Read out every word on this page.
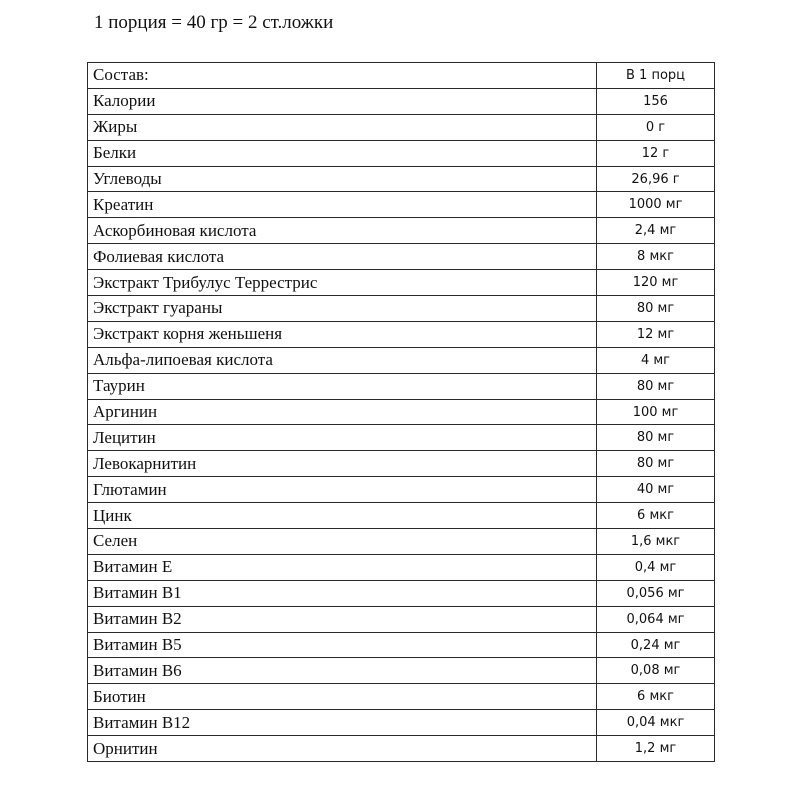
1 порция = 40 гр = 2 ст.ложки
Состав:	В 1 порц
Калории	156
Жиры	0 г
Белки	12 г
Углеводы	26,96 г
Креатин	1000 мг
Аскорбиновая кислота	2,4 мг
Фолиевая кислота	8 мкг
Экстракт Трибулус Террестрис	120 мг
Экстракт гуараны	80 мг
Экстракт корня женьшеня	12 мг
Альфа-липоевая кислота	4 мг
Таурин	80 мг
Аргинин	100 мг
Лецитин	80 мг
Левокарнитин	80 мг
Глютамин	40 мг
Цинк	6 мкг
Селен	1,6 мкг
Витамин E	0,4 мг
Витамин B1	0,056 мг
Витамин B2	0,064 мг
Витамин B5	0,24 мг
Витамин B6	0,08 мг
Биотин	6 мкг
Витамин B12	0,04 мкг
Орнитин	1,2 мг
